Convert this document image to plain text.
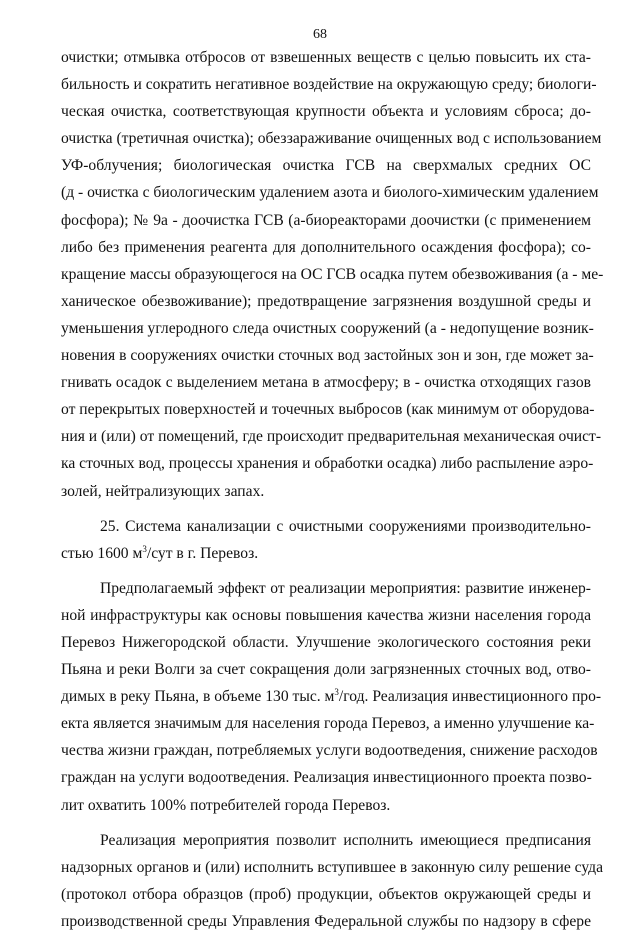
68
очистки; отмывка отбросов от взвешенных веществ с целью повысить их ста-
бильность и сократить негативное воздействие на окружающую среду; биологи-
ческая очистка, соответствующая крупности объекта и условиям сброса; до-
очистка (третичная очистка); обеззараживание очищенных вод с использованием
УФ-облучения; биологическая очистка ГСВ на сверхмалых средних ОС
(д - очистка с биологическим удалением азота и биолого-химическим удалением
фосфора); № 9а - доочистка ГСВ (а-биореакторами доочистки (с применением
либо без применения реагента для дополнительного осаждения фосфора); со-
кращение массы образующегося на ОС ГСВ осадка путем обезвоживания (а - ме-
ханическое обезвоживание); предотвращение загрязнения воздушной среды и
уменьшения углеродного следа очистных сооружений (а - недопущение возник-
новения в сооружениях очистки сточных вод застойных зон и зон, где может за-
гнивать осадок с выделением метана в атмосферу; в - очистка отходящих газов
от перекрытых поверхностей и точечных выбросов (как минимум от оборудова-
ния и (или) от помещений, где происходит предварительная механическая очист-
ка сточных вод, процессы хранения и обработки осадка) либо распыление аэро-
золей, нейтрализующих запах.
25. Система канализации с очистными сооружениями производительно-
стью 1600 $м^3$/сут в г. Перевоз.
Предполагаемый эффект от реализации мероприятия: развитие инженер-
ной инфраструктуры как основы повышения качества жизни населения города
Перевоз Нижегородской области. Улучшение экологического состояния реки
Пьяна и реки Волги за счет сокращения доли загрязненных сточных вод, отво-
димых в реку Пьяна, в объеме 130 тыс. $м^3$/год. Реализация инвестиционного про-
екта является значимым для населения города Перевоз, а именно улучшение ка-
чества жизни граждан, потребляемых услуги водоотведения, снижение расходов
граждан на услуги водоотведения. Реализация инвестиционного проекта позво-
лит охватить 100% потребителей города Перевоз.
Реализация мероприятия позволит исполнить имеющиеся предписания
надзорных органов и (или) исполнить вступившее в законную силу решение суда
(протокол отбора образцов (проб) продукции, объектов окружающей среды и
производственной среды Управления Федеральной службы по надзору в сфере
